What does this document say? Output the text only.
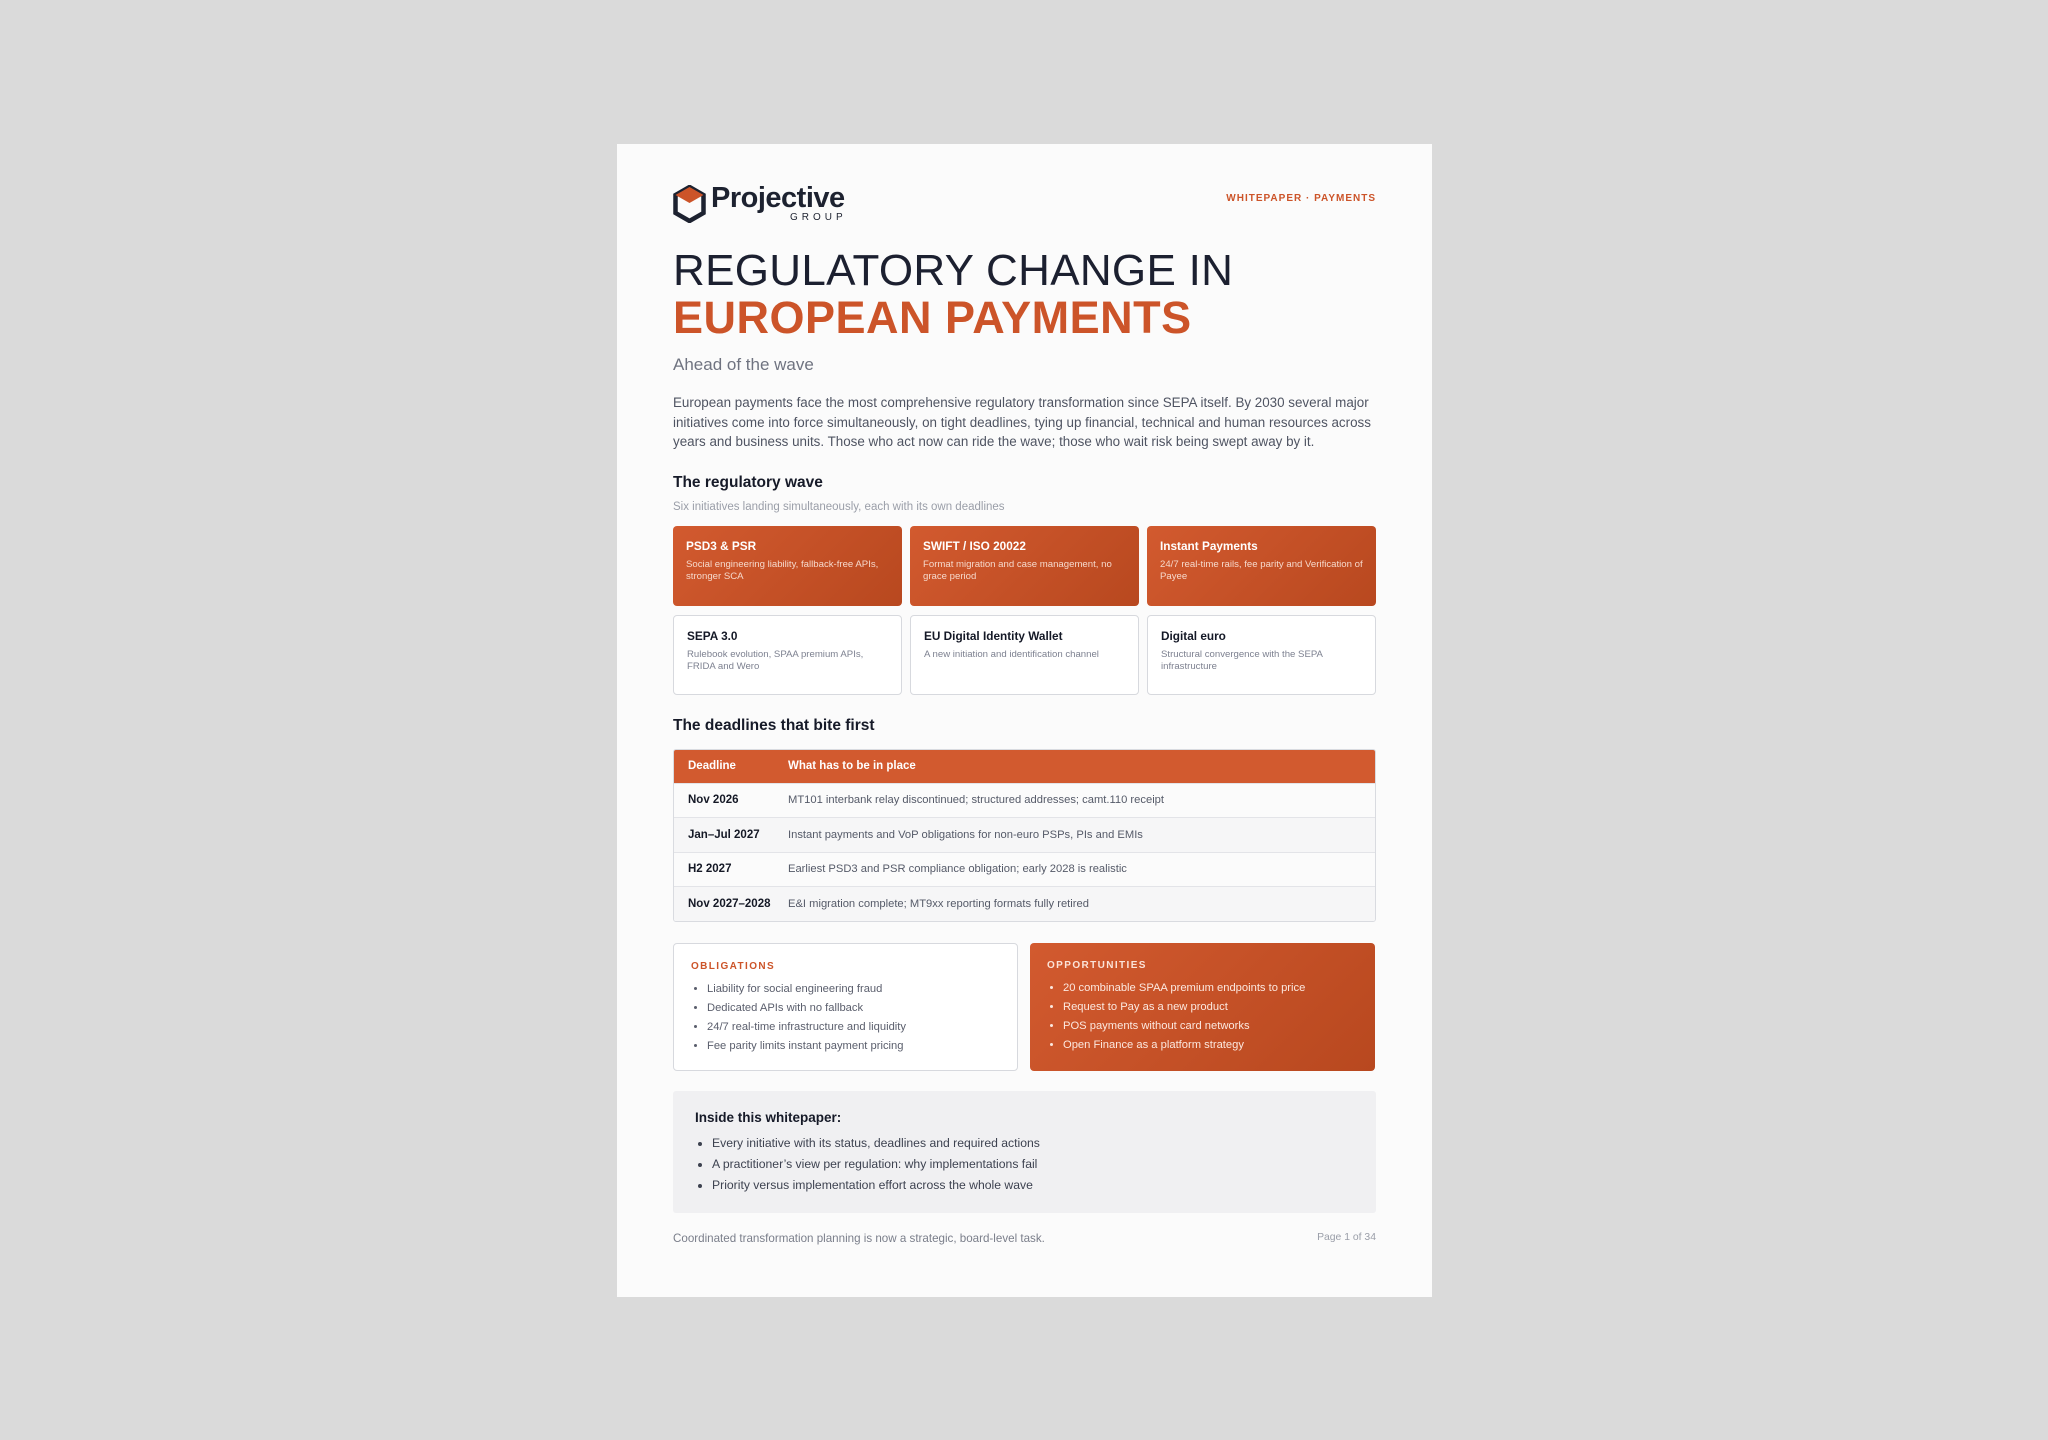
Projective
GROUP
WHITEPAPER · PAYMENTS
REGULATORY CHANGE IN
EUROPEAN PAYMENTS
Ahead of the wave

European payments face the most comprehensive regulatory transformation since SEPA itself. By 2030 several major initiatives come into force simultaneously, on tight deadlines, tying up financial, technical and human resources across years and business units. Those who act now can ride the wave; those who wait risk being swept away by it.

The regulatory wave
Six initiatives landing simultaneously, each with its own deadlines
PSD3 & PSR
Social engineering liability, fallback-free APIs, stronger SCA
SWIFT / ISO 20022
Format migration and case management, no grace period
Instant Payments
24/7 real-time rails, fee parity and Verification of Payee
SEPA 3.0
Rulebook evolution, SPAA premium APIs, FRIDA and Wero
EU Digital Identity Wallet
A new initiation and identification channel
Digital euro
Structural convergence with the SEPA infrastructure
The deadlines that bite first
Deadline	What has to be in place
Nov 2026	MT101 interbank relay discontinued; structured addresses; camt.110 receipt
Jan–Jul 2027	Instant payments and VoP obligations for non-euro PSPs, PIs and EMIs
H2 2027	Earliest PSD3 and PSR compliance obligation; early 2028 is realistic
Nov 2027–2028	E&I migration complete; MT9xx reporting formats fully retired
OBLIGATIONS
• Liability for social engineering fraud
• Dedicated APIs with no fallback
• 24/7 real-time infrastructure and liquidity
• Fee parity limits instant payment pricing
OPPORTUNITIES
• 20 combinable SPAA premium endpoints to price
• Request to Pay as a new product
• POS payments without card networks
• Open Finance as a platform strategy
Inside this whitepaper:
• Every initiative with its status, deadlines and required actions
• A practitioner’s view per regulation: why implementations fail
• Priority versus implementation effort across the whole wave
Coordinated transformation planning is now a strategic, board-level task.	Page 1 of 34
